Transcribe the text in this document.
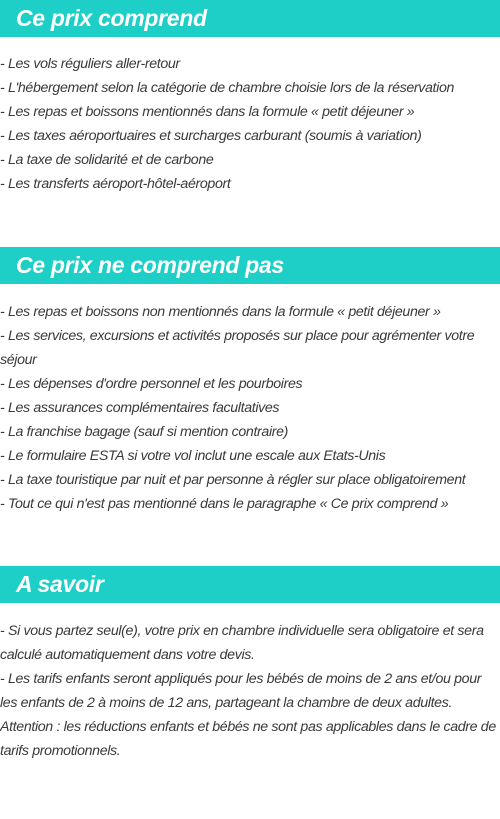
Ce prix comprend
- Les vols réguliers aller-retour
- L'hébergement selon la catégorie de chambre choisie lors de la réservation
- Les repas et boissons mentionnés dans la formule « petit déjeuner »
- Les taxes aéroportuaires et surcharges carburant (soumis à variation)
- La taxe de solidarité et de carbone
- Les transferts aéroport-hôtel-aéroport
Ce prix ne comprend pas
- Les repas et boissons non mentionnés dans la formule « petit déjeuner »
- Les services, excursions et activités proposés sur place pour agrémenter votre séjour
- Les dépenses d'ordre personnel et les pourboires
- Les assurances complémentaires facultatives
- La franchise bagage (sauf si mention contraire)
- Le formulaire ESTA si votre vol inclut une escale aux Etats-Unis
- La taxe touristique par nuit et par personne à régler sur place obligatoirement
- Tout ce qui n'est pas mentionné dans le paragraphe « Ce prix comprend »
A savoir
- Si vous partez seul(e), votre prix en chambre individuelle sera obligatoire et sera calculé automatiquement dans votre devis.
- Les tarifs enfants seront appliqués pour les bébés de moins de 2 ans et/ou pour les enfants de 2 à moins de 12 ans, partageant la chambre de deux adultes.
Attention : les réductions enfants et bébés ne sont pas applicables dans le cadre de tarifs promotionnels.
